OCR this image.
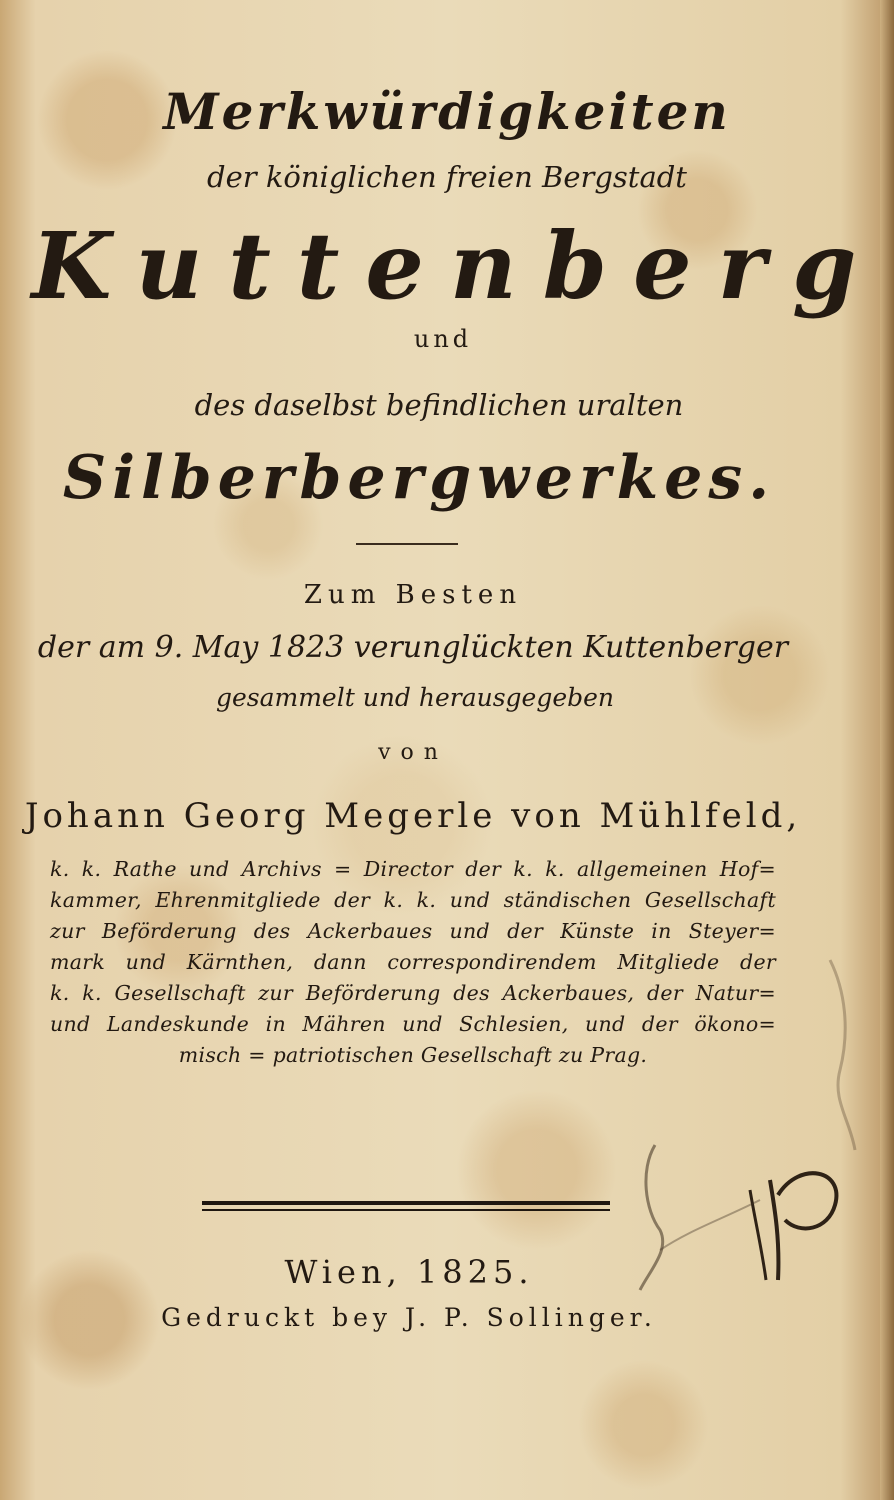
Merkwürdigkeiten
der königlichen freien Bergstadt
Kuttenberg
und
des daselbst befindlichen uralten
Silberbergwerkes.
Zum Besten
der am 9. May 1823 verunglückten Kuttenberger
gesammelt und herausgegeben
von
Johann Georg Megerle von Mühlfeld,
k. k. Rathe und Archivs = Director der k. k. allgemeinen Hof=
kammer, Ehrenmitgliede der k. k. und ständischen Gesellschaft
zur Beförderung des Ackerbaues und der Künste in Steyer=
mark und Kärnthen, dann correspondirendem Mitgliede der
k. k. Gesellschaft zur Beförderung des Ackerbaues, der Natur=
und Landeskunde in Mähren und Schlesien, und der ökono=
misch = patriotischen Gesellschaft zu Prag.
Wien, 1825.
Gedruckt bey J. P. Sollinger.
